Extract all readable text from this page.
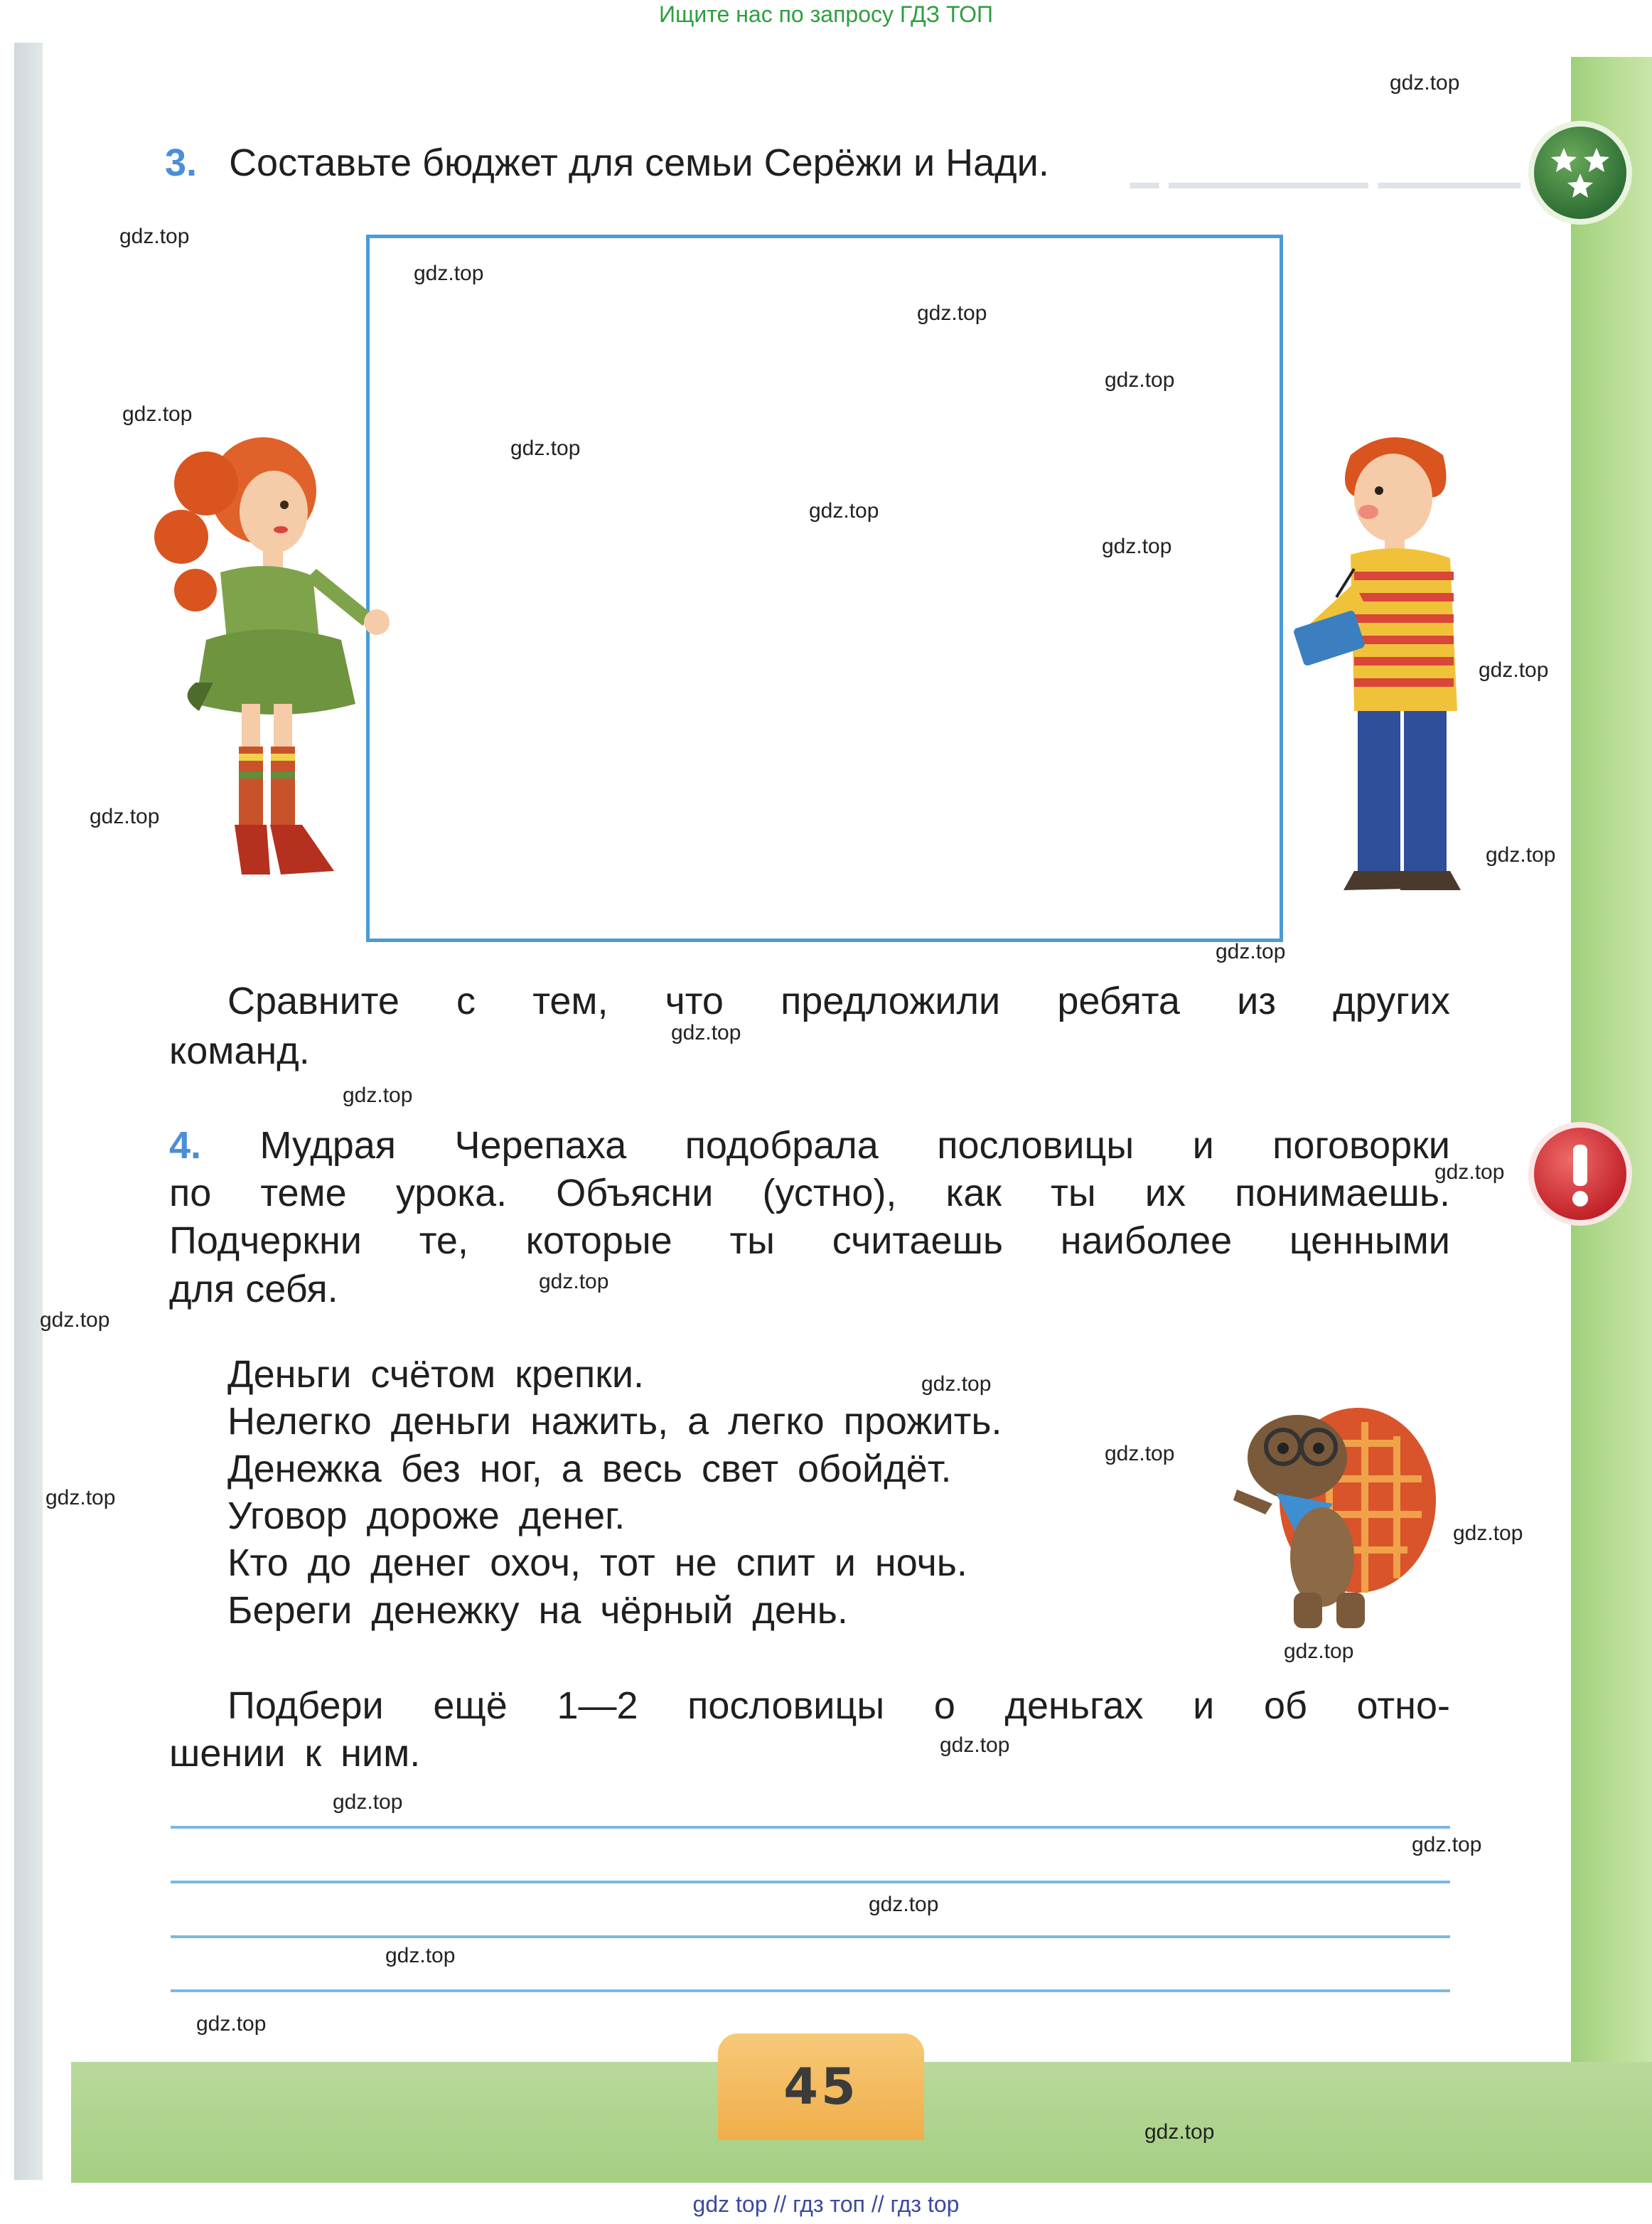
▁ ▁▁▁▁▁▁▁ ▁▁▁▁▁
Ищите нас по запросу ГДЗ ТОП
3. Составьте бюджет для семьи Серёжи и Нади.
Сравните с тем, что предложили ребята из других
команд.
4. Мудрая Черепаха подобрала пословицы и поговорки
по теме урока. Объясни (устно), как ты их понимаешь.
Подчеркни те, которые ты считаешь наиболее ценными
для себя.
Деньги счётом крепки.
Нелегко деньги нажить, а легко прожить.
Денежка без ног, а весь свет обойдёт.
Уговор дороже денег.
Кто до денег охоч, тот не спит и ночь.
Береги денежку на чёрный день.
Подбери ещё 1—2 пословицы о деньгах и об отно-
шении к ним.
45
gdz.top
gdz.top
gdz.top
gdz.top
gdz.top
gdz.top
gdz.top
gdz.top
gdz.top
gdz.top
gdz.top
gdz.top
gdz.top
gdz.top
gdz.top
gdz.top
gdz.top
gdz.top
gdz.top
gdz.top
gdz.top
gdz.top
gdz.top
gdz.top
gdz.top
gdz.top
gdz.top
gdz.top
gdz.top
gdz.top
gdz top // гдз топ // гдз top
